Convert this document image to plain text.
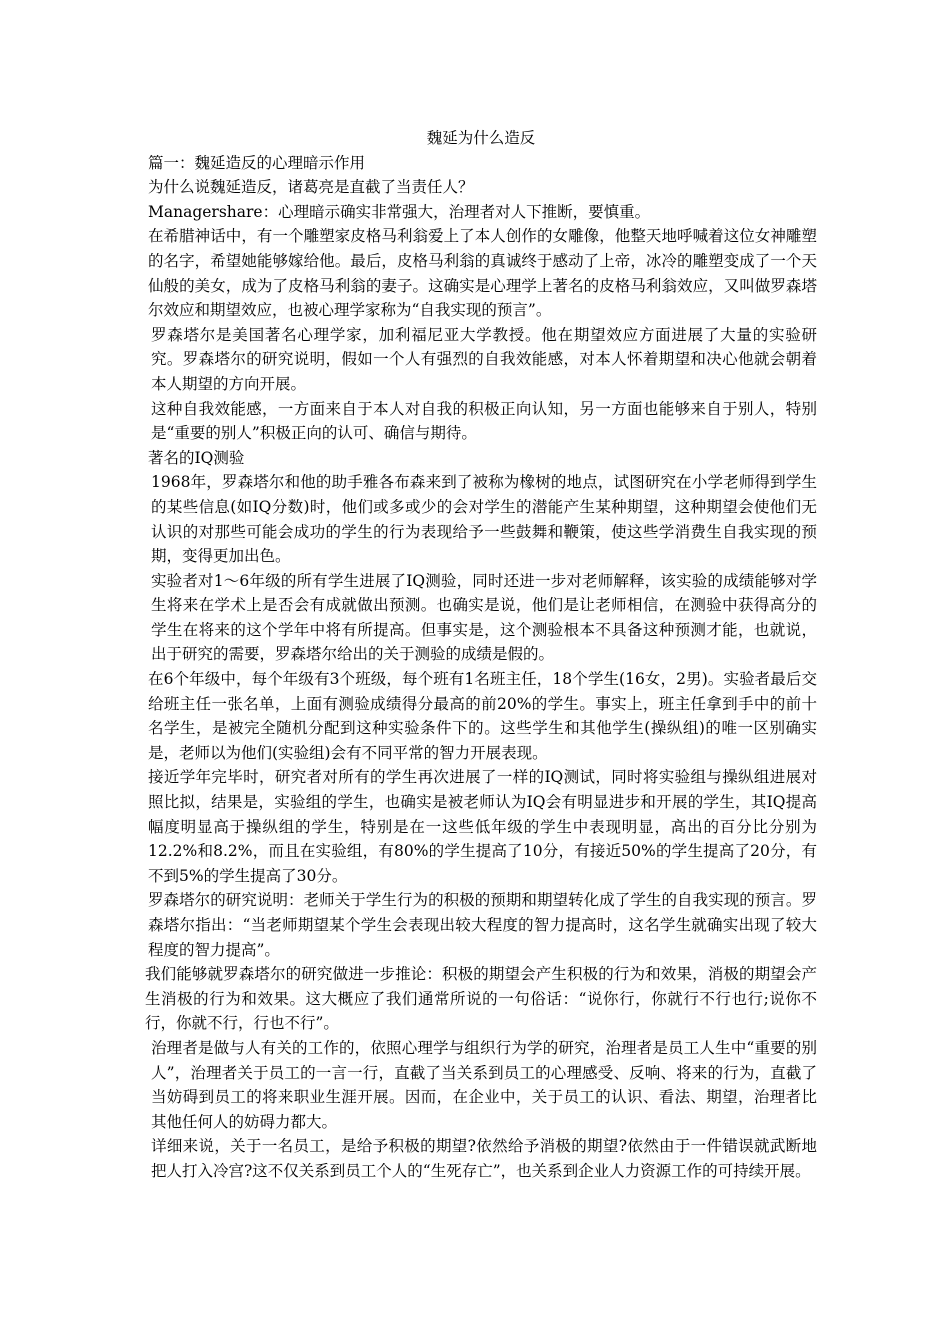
魏延为什么造反

篇一：魏延造反的心理暗示作用

为什么说魏延造反，诸葛亮是直截了当责任人？

Managershare：心理暗示确实非常强大，治理者对人下推断，要慎重。

在希腊神话中，有一个雕塑家皮格马利翁爱上了本人创作的女雕像，他整天地呼喊着这位女神雕塑的名字，希望她能够嫁给他。最后，皮格马利翁的真诚终于感动了上帝，冰冷的雕塑变成了一个天仙般的美女，成为了皮格马利翁的妻子。这确实是心理学上著名的皮格马利翁效应，又叫做罗森塔尔效应和期望效应，也被心理学家称为“自我实现的预言”。

罗森塔尔是美国著名心理学家，加利福尼亚大学教授。他在期望效应方面进展了大量的实验研究。罗森塔尔的研究说明，假如一个人有强烈的自我效能感，对本人怀着期望和决心他就会朝着本人期望的方向开展。

这种自我效能感，一方面来自于本人对自我的积极正向认知，另一方面也能够来自于别人，特别是“重要的别人”积极正向的认可、确信与期待。

著名的IQ测验

1968年，罗森塔尔和他的助手雅各布森来到了被称为橡树的地点，试图研究在小学老师得到学生的某些信息(如IQ分数)时，他们或多或少的会对学生的潜能产生某种期望，这种期望会使他们无认识的对那些可能会成功的学生的行为表现给予一些鼓舞和鞭策，使这些学消费生自我实现的预期，变得更加出色。

实验者对1～6年级的所有学生进展了IQ测验，同时还进一步对老师解释，该实验的成绩能够对学生将来在学术上是否会有成就做出预测。也确实是说，他们是让老师相信，在测验中获得高分的学生在将来的这个学年中将有所提高。但事实是，这个测验根本不具备这种预测才能，也就说，出于研究的需要，罗森塔尔给出的关于测验的成绩是假的。

在6个年级中，每个年级有3个班级，每个班有1名班主任，18个学生(16女，2男)。实验者最后交给班主任一张名单，上面有测验成绩得分最高的前20%的学生。事实上，班主任拿到手中的前十名学生，是被完全随机分配到这种实验条件下的。这些学生和其他学生(操纵组)的唯一区别确实是，老师以为他们(实验组)会有不同平常的智力开展表现。

接近学年完毕时，研究者对所有的学生再次进展了一样的IQ测试，同时将实验组与操纵组进展对照比拟，结果是，实验组的学生，也确实是被老师认为IQ会有明显进步和开展的学生，其IQ提高幅度明显高于操纵组的学生，特别是在一这些低年级的学生中表现明显，高出的百分比分别为12.2%和8.2%，而且在实验组，有80%的学生提高了10分，有接近50%的学生提高了20分，有不到5%的学生提高了30分。

罗森塔尔的研究说明：老师关于学生行为的积极的预期和期望转化成了学生的自我实现的预言。罗森塔尔指出：“当老师期望某个学生会表现出较大程度的智力提高时，这名学生就确实出现了较大程度的智力提高”。

我们能够就罗森塔尔的研究做进一步推论：积极的期望会产生积极的行为和效果，消极的期望会产生消极的行为和效果。这大概应了我们通常所说的一句俗话：“说你行，你就行不行也行;说你不行，你就不行，行也不行”。

治理者是做与人有关的工作的，依照心理学与组织行为学的研究，治理者是员工人生中“重要的别人”，治理者关于员工的一言一行，直截了当关系到员工的心理感受、反响、将来的行为，直截了当妨碍到员工的将来职业生涯开展。因而，在企业中，关于员工的认识、看法、期望，治理者比其他任何人的妨碍力都大。

详细来说，关于一名员工，是给予积极的期望?依然给予消极的期望?依然由于一件错误就武断地把人打入冷宫?这不仅关系到员工个人的“生死存亡”，也关系到企业人力资源工作的可持续开展。
